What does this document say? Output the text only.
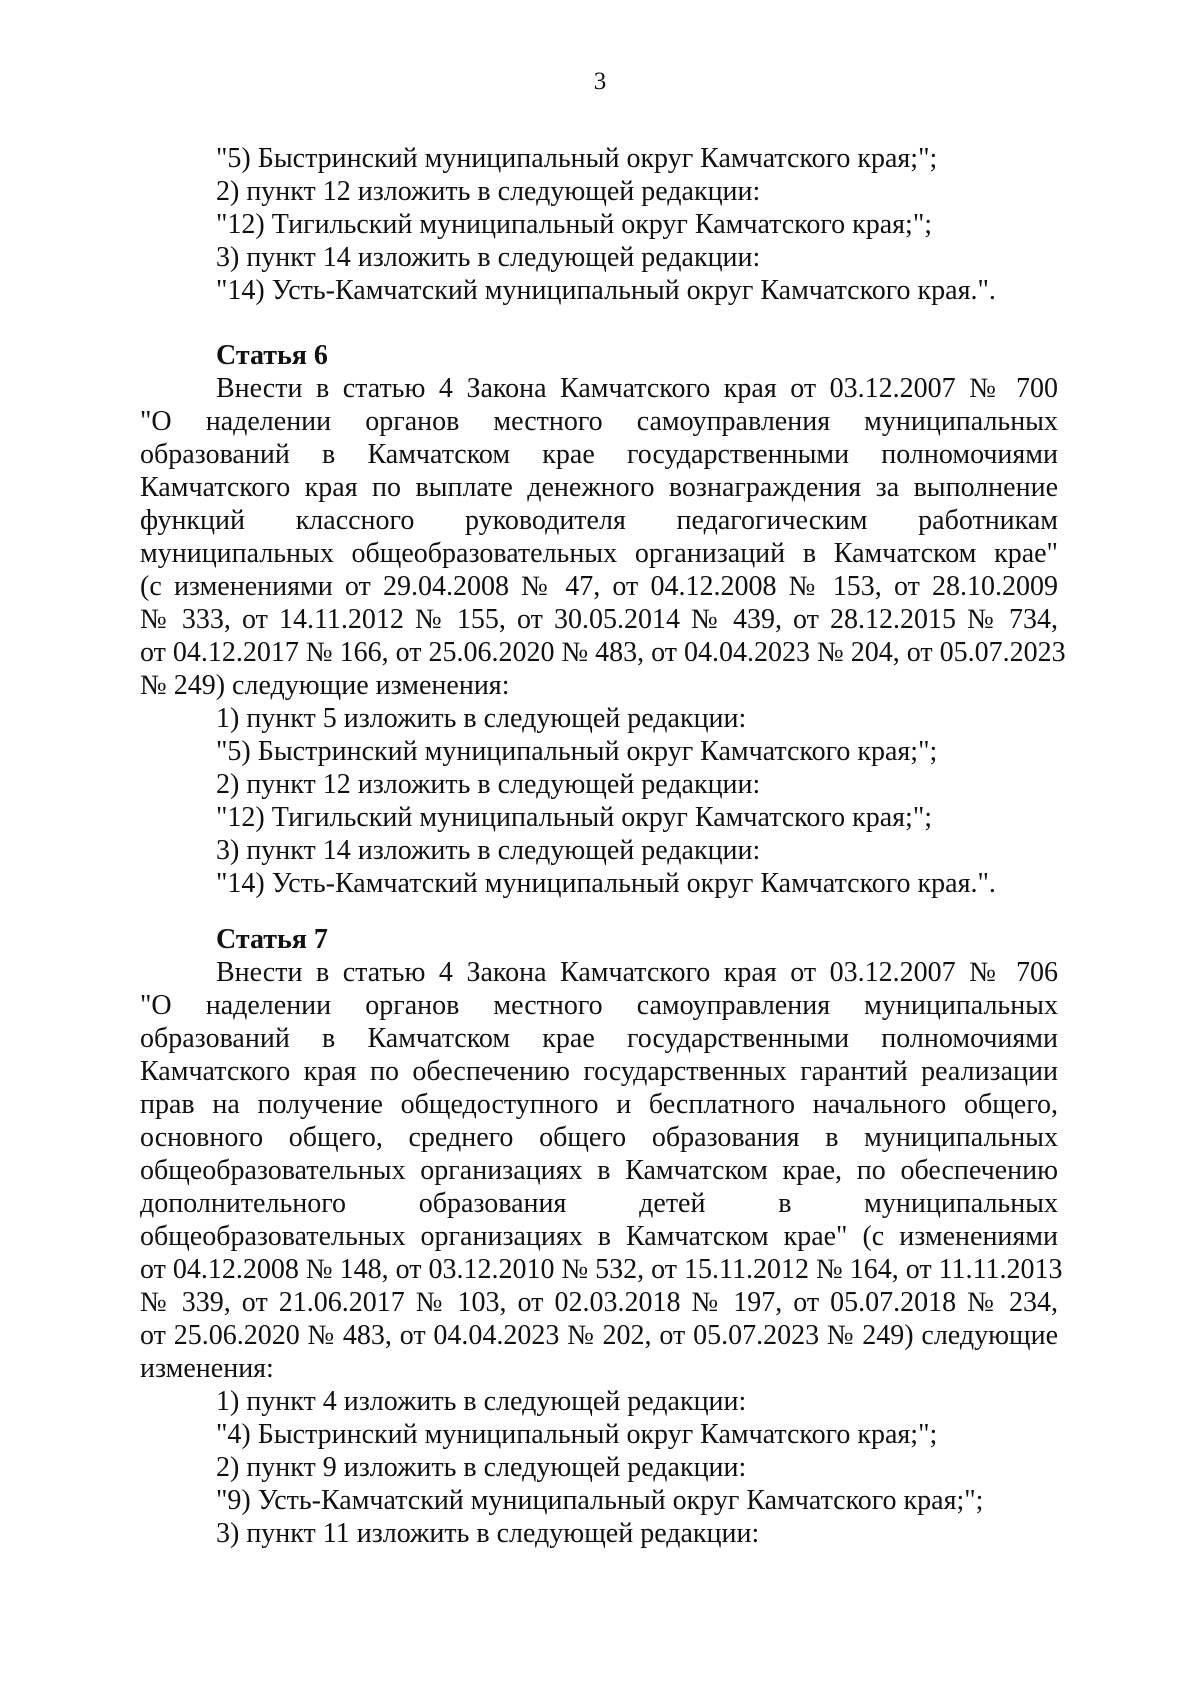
3
"5) Быстринский муниципальный округ Камчатского края;";
2) пункт 12 изложить в следующей редакции:
"12) Тигильский муниципальный округ Камчатского края;";
3) пункт 14 изложить в следующей редакции:
"14) Усть-Камчатский муниципальный округ Камчатского края.".
Статья 6
Внести в статью 4 Закона Камчатского края от 03.12.2007 № 700
"О наделении органов местного самоуправления муниципальных
образований в Камчатском крае государственными полномочиями
Камчатского края по выплате денежного вознаграждения за выполнение
функций классного руководителя педагогическим работникам
муниципальных общеобразовательных организаций в Камчатском крае"
(с изменениями от 29.04.2008 № 47, от 04.12.2008 № 153, от 28.10.2009
№ 333, от 14.11.2012 № 155, от 30.05.2014 № 439, от 28.12.2015 № 734,
от 04.12.2017 № 166, от 25.06.2020 № 483, от 04.04.2023 № 204, от 05.07.2023
№ 249) следующие изменения:
1) пункт 5 изложить в следующей редакции:
"5) Быстринский муниципальный округ Камчатского края;";
2) пункт 12 изложить в следующей редакции:
"12) Тигильский муниципальный округ Камчатского края;";
3) пункт 14 изложить в следующей редакции:
"14) Усть-Камчатский муниципальный округ Камчатского края.".
Статья 7
Внести в статью 4 Закона Камчатского края от 03.12.2007 № 706
"О наделении органов местного самоуправления муниципальных
образований в Камчатском крае государственными полномочиями
Камчатского края по обеспечению государственных гарантий реализации
прав на получение общедоступного и бесплатного начального общего,
основного общего, среднего общего образования в муниципальных
общеобразовательных организациях в Камчатском крае, по обеспечению
дополнительного образования детей в муниципальных
общеобразовательных организациях в Камчатском крае" (с изменениями
от 04.12.2008 № 148, от 03.12.2010 № 532, от 15.11.2012 № 164, от 11.11.2013
№ 339, от 21.06.2017 № 103, от 02.03.2018 № 197, от 05.07.2018 № 234,
от 25.06.2020 № 483, от 04.04.2023 № 202, от 05.07.2023 № 249) следующие
изменения:
1) пункт 4 изложить в следующей редакции:
"4) Быстринский муниципальный округ Камчатского края;";
2) пункт 9 изложить в следующей редакции:
"9) Усть-Камчатский муниципальный округ Камчатского края;";
3) пункт 11 изложить в следующей редакции:
